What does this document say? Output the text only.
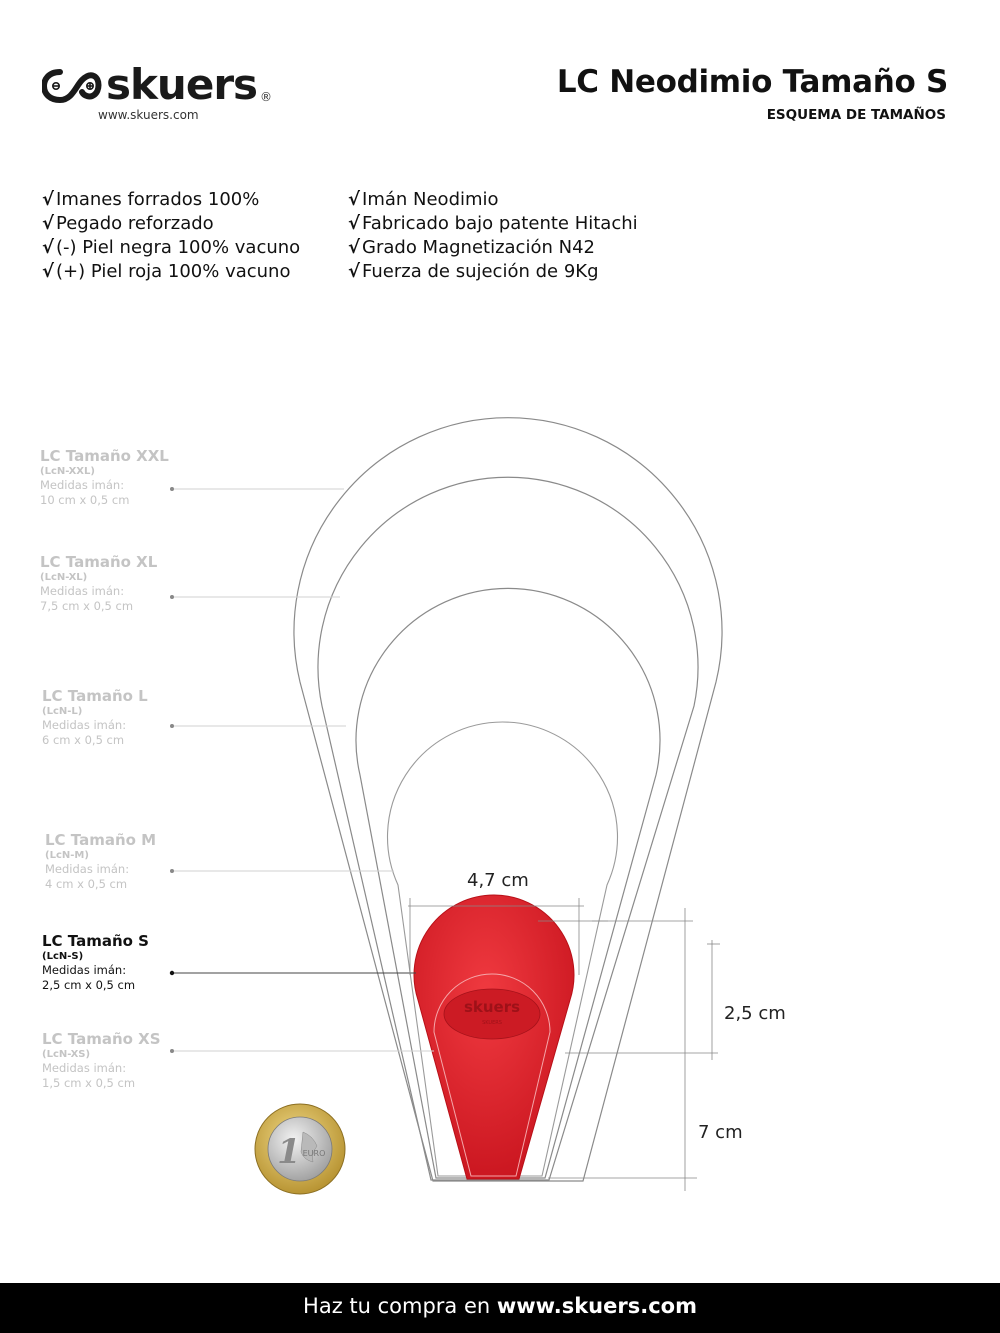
skuers
SKUERS
1 EURO
skuers ®
www.skuers.com
LC Neodimio Tamaño S
ESQUEMA DE TAMAÑOS
√ Imanes forrados 100%
√ Pegado reforzado
√ (-) Piel negra 100% vacuno
√ (+) Piel roja 100% vacuno
√ Imán Neodimio
√ Fabricado bajo patente Hitachi
√ Grado Magnetización N42
√ Fuerza de sujeción de 9Kg
LC Tamaño XXL
(LcN-XXL)
Medidas imán:
10 cm x 0,5 cm
LC Tamaño XL
(LcN-XL)
Medidas imán:
7,5 cm x 0,5 cm
LC Tamaño L
(LcN-L)
Medidas imán:
6 cm x 0,5 cm
LC Tamaño M
(LcN-M)
Medidas imán:
4 cm x 0,5 cm
LC Tamaño S
(LcN-S)
Medidas imán:
2,5 cm x 0,5 cm
LC Tamaño XS
(LcN-XS)
Medidas imán:
1,5 cm x 0,5 cm
4,7 cm
2,5 cm
7 cm
Haz tu compra en www.skuers.com
